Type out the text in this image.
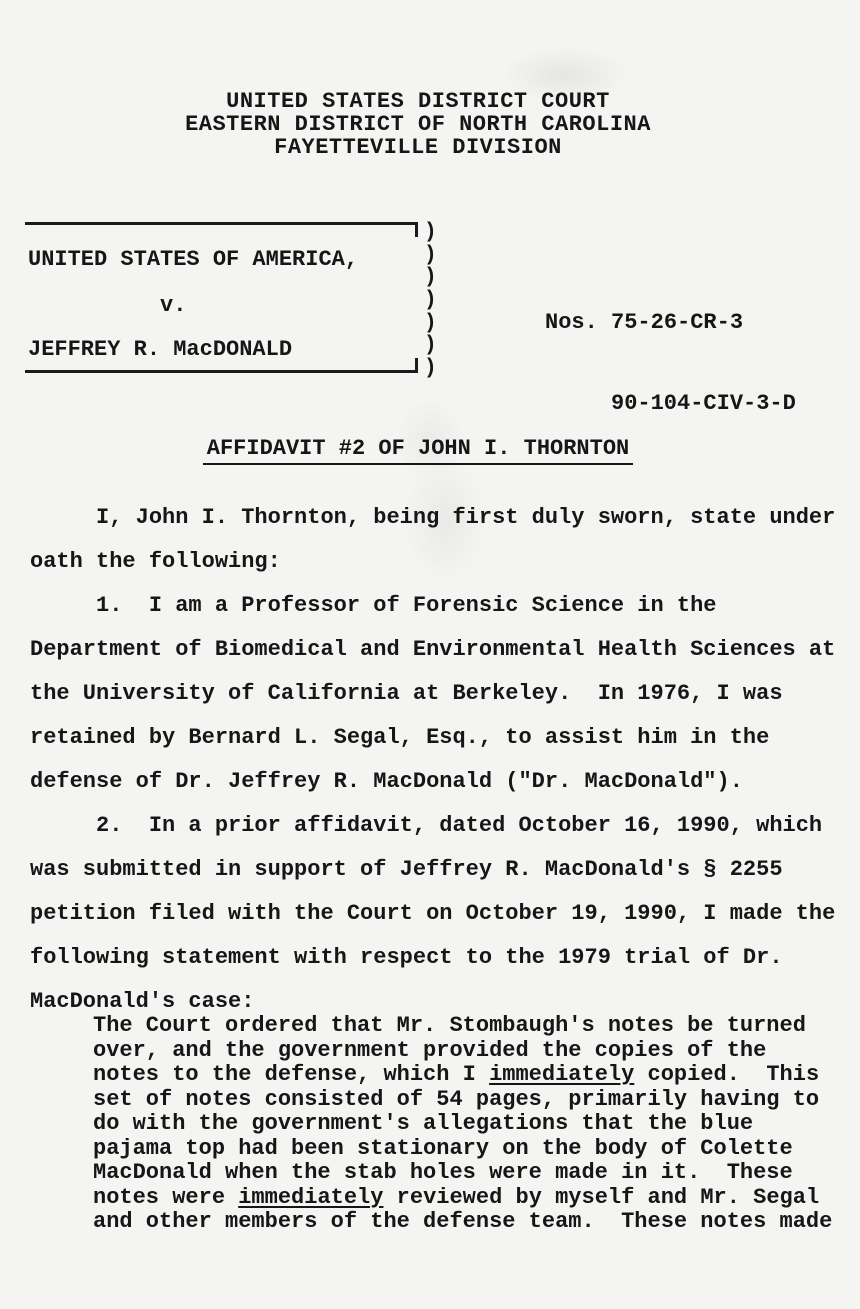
UNITED STATES DISTRICT COURT
EASTERN DISTRICT OF NORTH CAROLINA
FAYETTEVILLE DIVISION
UNITED STATES OF AMERICA,
v.
JEFFREY R. MacDONALD
)
)
)
)
)
)
)

Nos. 75-26-CR-3

90-104-CIV-3-D

AFFIDAVIT #2 OF JOHN I. THORNTON
I, John I. Thornton, being first duly sworn, state under
oath the following:
1.  I am a Professor of Forensic Science in the
Department of Biomedical and Environmental Health Sciences at
the University of California at Berkeley.  In 1976, I was
retained by Bernard L. Segal, Esq., to assist him in the
defense of Dr. Jeffrey R. MacDonald ("Dr. MacDonald").
2.  In a prior affidavit, dated October 16, 1990, which
was submitted in support of Jeffrey R. MacDonald's § 2255
petition filed with the Court on October 19, 1990, I made the
following statement with respect to the 1979 trial of Dr.
MacDonald's case:
The Court ordered that Mr. Stombaugh's notes be turned
over, and the government provided the copies of the
notes to the defense, which I immediately copied.  This
set of notes consisted of 54 pages, primarily having to
do with the government's allegations that the blue
pajama top had been stationary on the body of Colette
MacDonald when the stab holes were made in it.  These
notes were immediately reviewed by myself and Mr. Segal
and other members of the defense team.  These notes made
